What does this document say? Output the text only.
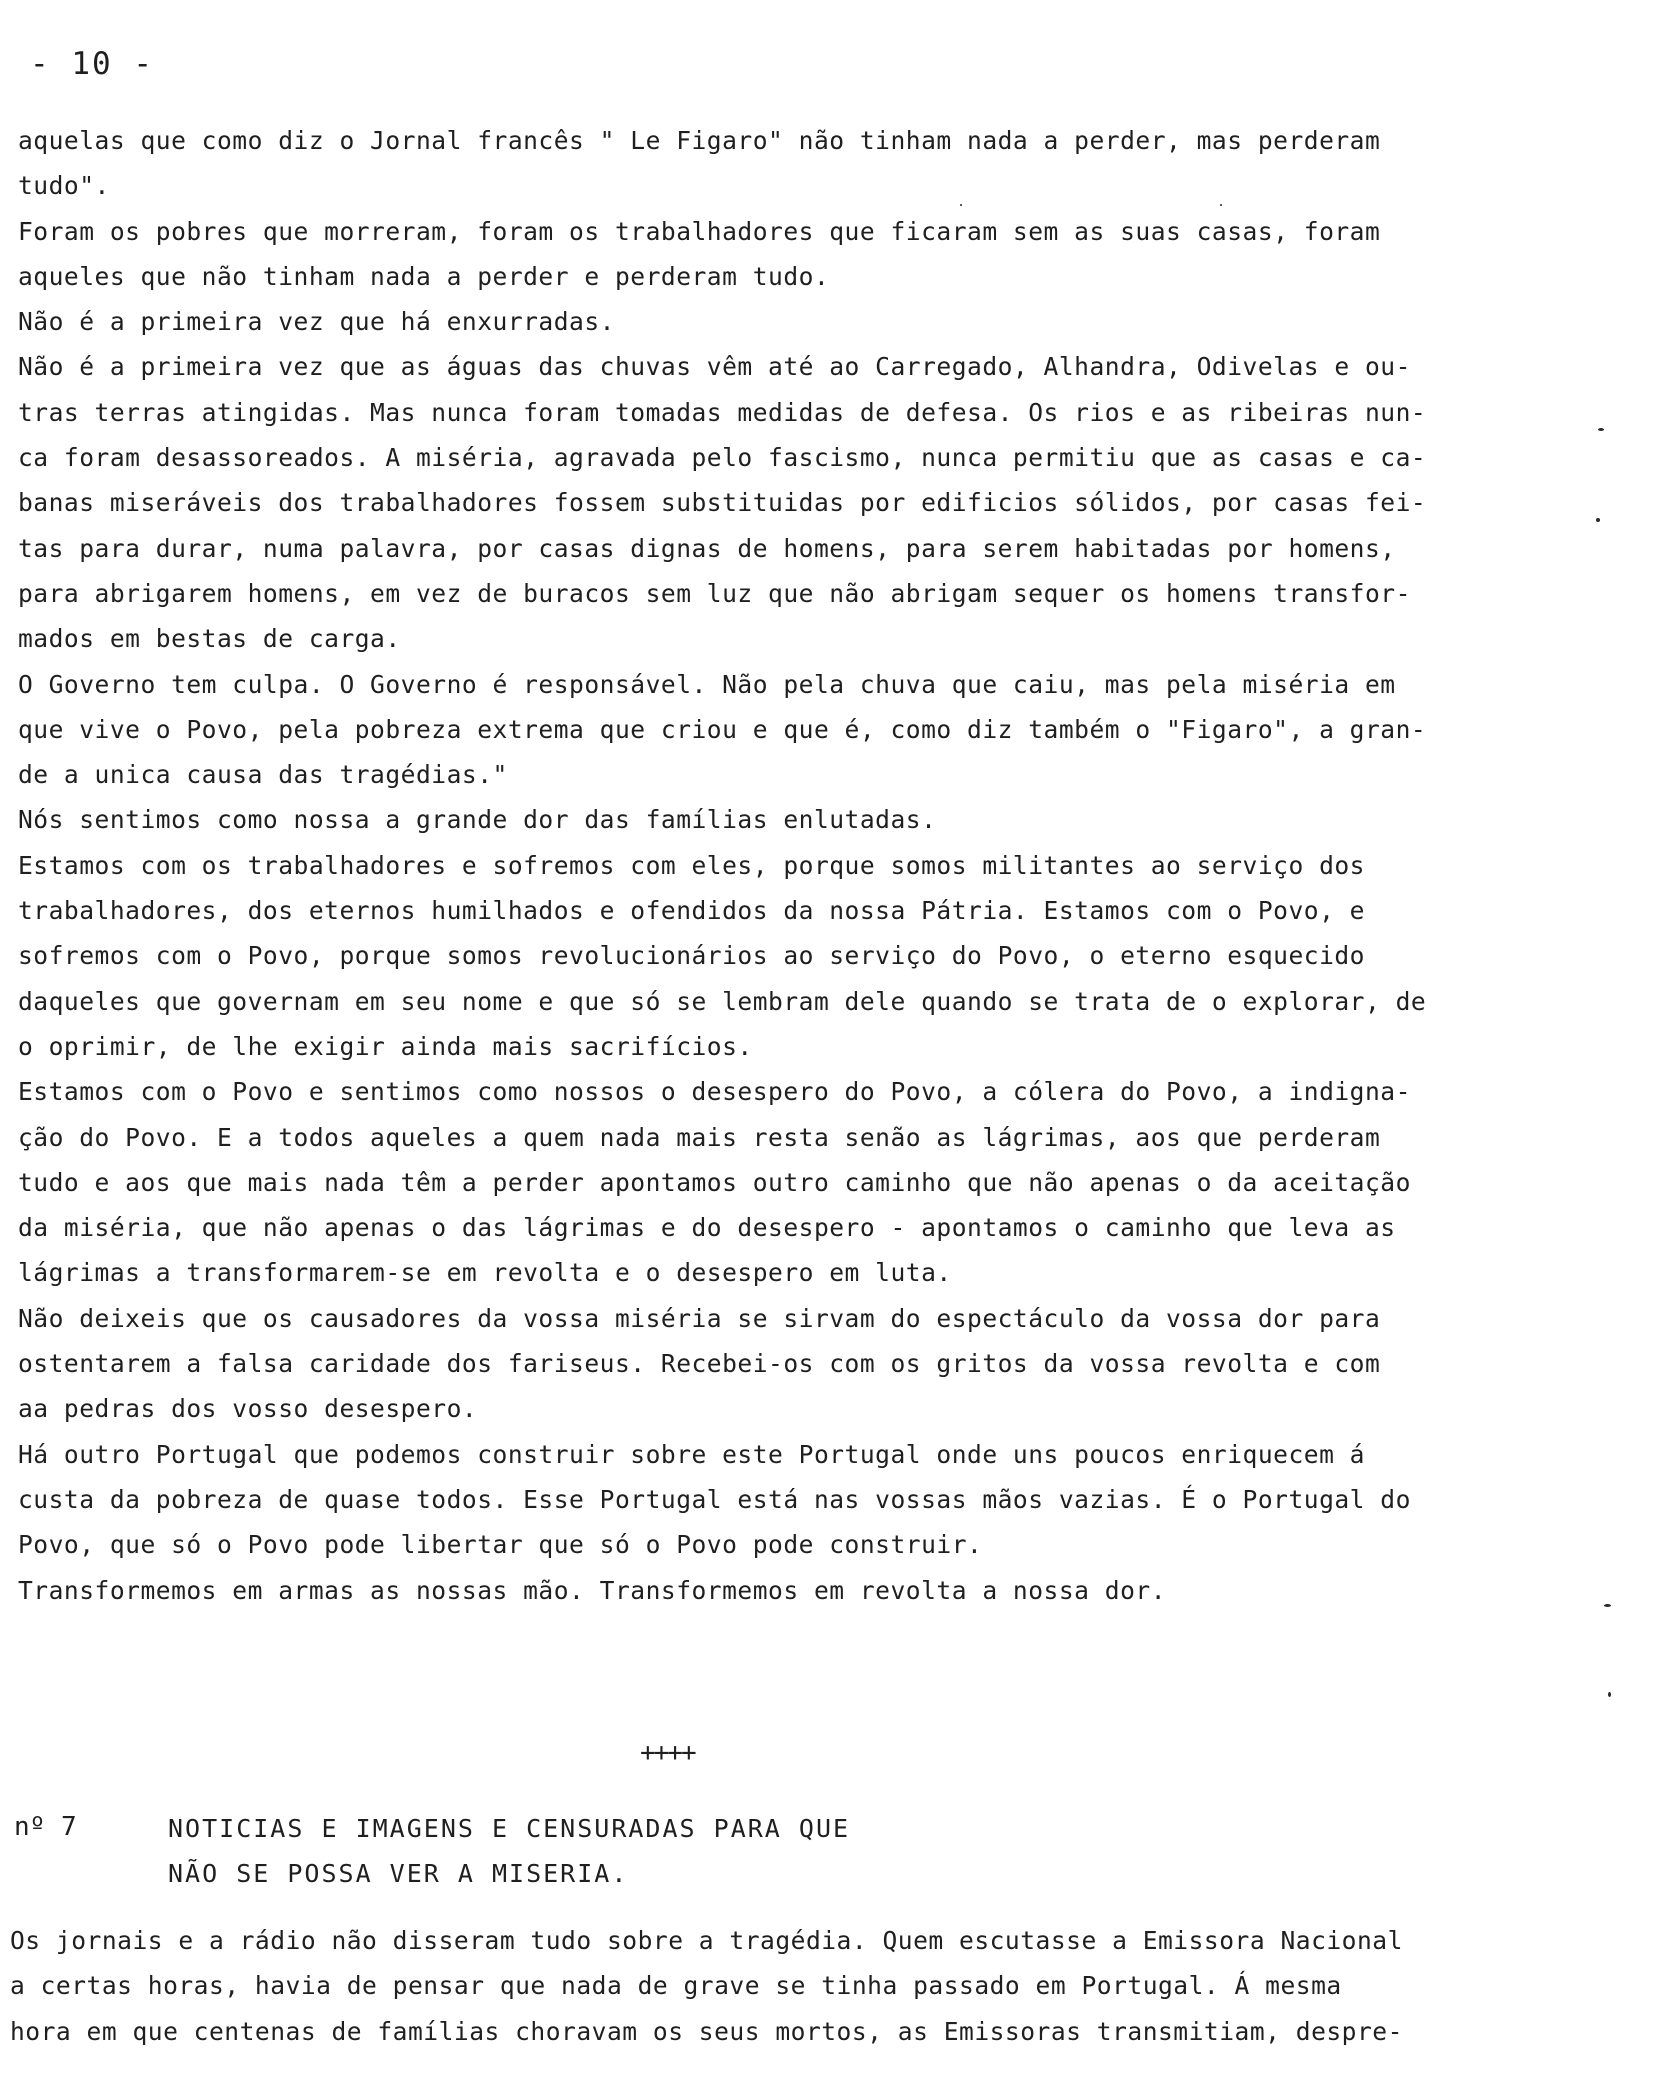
- 10 -
aquelas que como diz o Jornal francês " Le Figaro" não tinham nada a perder, mas perderam
tudo".
Foram os pobres que morreram, foram os trabalhadores que ficaram sem as suas casas, foram
aqueles que não tinham nada a perder e perderam tudo.
Não é a primeira vez que há enxurradas.
Não é a primeira vez que as águas das chuvas vêm até ao Carregado, Alhandra, Odivelas e ou-
tras terras atingidas. Mas nunca foram tomadas medidas de defesa. Os rios e as ribeiras nun-
ca foram desassoreados. A miséria, agravada pelo fascismo, nunca permitiu que as casas e ca-
banas miseráveis dos trabalhadores fossem substituidas por edificios sólidos, por casas fei-
tas para durar, numa palavra, por casas dignas de homens, para serem habitadas por homens,
para abrigarem homens, em vez de buracos sem luz que não abrigam sequer os homens transfor-
mados em bestas de carga.
O Governo tem culpa. O Governo é responsável. Não pela chuva que caiu, mas pela miséria em
que vive o Povo, pela pobreza extrema que criou e que é, como diz também o "Figaro", a gran-
de a unica causa das tragédias."
Nós sentimos como nossa a grande dor das famílias enlutadas.
Estamos com os trabalhadores e sofremos com eles, porque somos militantes ao serviço dos
trabalhadores, dos eternos humilhados e ofendidos da nossa Pátria. Estamos com o Povo, e
sofremos com o Povo, porque somos revolucionários ao serviço do Povo, o eterno esquecido
daqueles que governam em seu nome e que só se lembram dele quando se trata de o explorar, de
o oprimir, de lhe exigir ainda mais sacrifícios.
Estamos com o Povo e sentimos como nossos o desespero do Povo, a cólera do Povo, a indigna-
ção do Povo. E a todos aqueles a quem nada mais resta senão as lágrimas, aos que perderam
tudo e aos que mais nada têm a perder apontamos outro caminho que não apenas o da aceitação
da miséria, que não apenas o das lágrimas e do desespero - apontamos o caminho que leva as
lágrimas a transformarem-se em revolta e o desespero em luta.
Não deixeis que os causadores da vossa miséria se sirvam do espectáculo da vossa dor para
ostentarem a falsa caridade dos fariseus. Recebei-os com os gritos da vossa revolta e com
aa pedras dos vosso desespero.
Há outro Portugal que podemos construir sobre este Portugal onde uns poucos enriquecem á
custa da pobreza de quase todos. Esse Portugal está nas vossas mãos vazias. É o Portugal do
Povo, que só o Povo pode libertar que só o Povo pode construir.
Transformemos em armas as nossas mão. Transformemos em revolta a nossa dor.
++++
nº 7	NOTICIAS E IMAGENS E CENSURADAS PARA QUE
NÃO SE POSSA VER A MISERIA.
Os jornais e a rádio não disseram tudo sobre a tragédia. Quem escutasse a Emissora Nacional
a certas horas, havia de pensar que nada de grave se tinha passado em Portugal. Á mesma
hora em que centenas de famílias choravam os seus mortos, as Emissoras transmitiam, despre-
